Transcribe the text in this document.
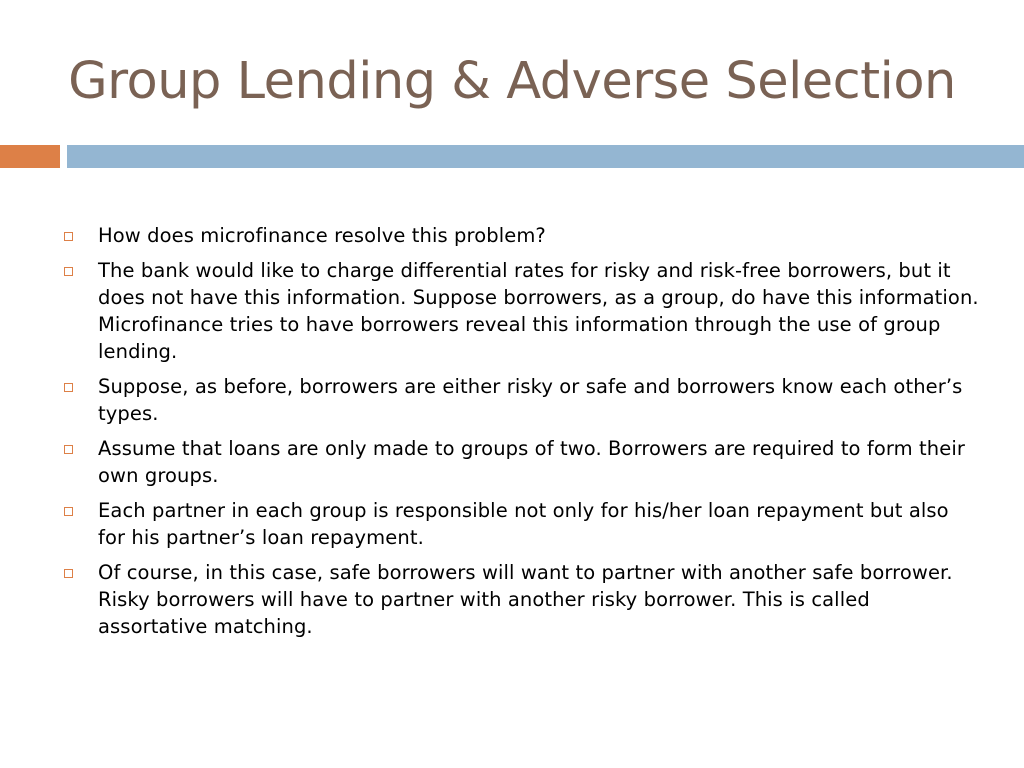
Group Lending & Adverse Selection
How does microfinance resolve this problem?
The bank would like to charge differential rates for risky and risk-free borrowers, but it does not have this information. Suppose borrowers, as a group, do have this information. Microfinance tries to have borrowers reveal this information through the use of group lending.
Suppose, as before, borrowers are either risky or safe and borrowers know each other’s types.
Assume that loans are only made to groups of two. Borrowers are required to form their own groups.
Each partner in each group is responsible not only for his/her loan repayment but also for his partner’s loan repayment.
Of course, in this case, safe borrowers will want to partner with another safe borrower. Risky borrowers will have to partner with another risky borrower. This is called assortative matching.
